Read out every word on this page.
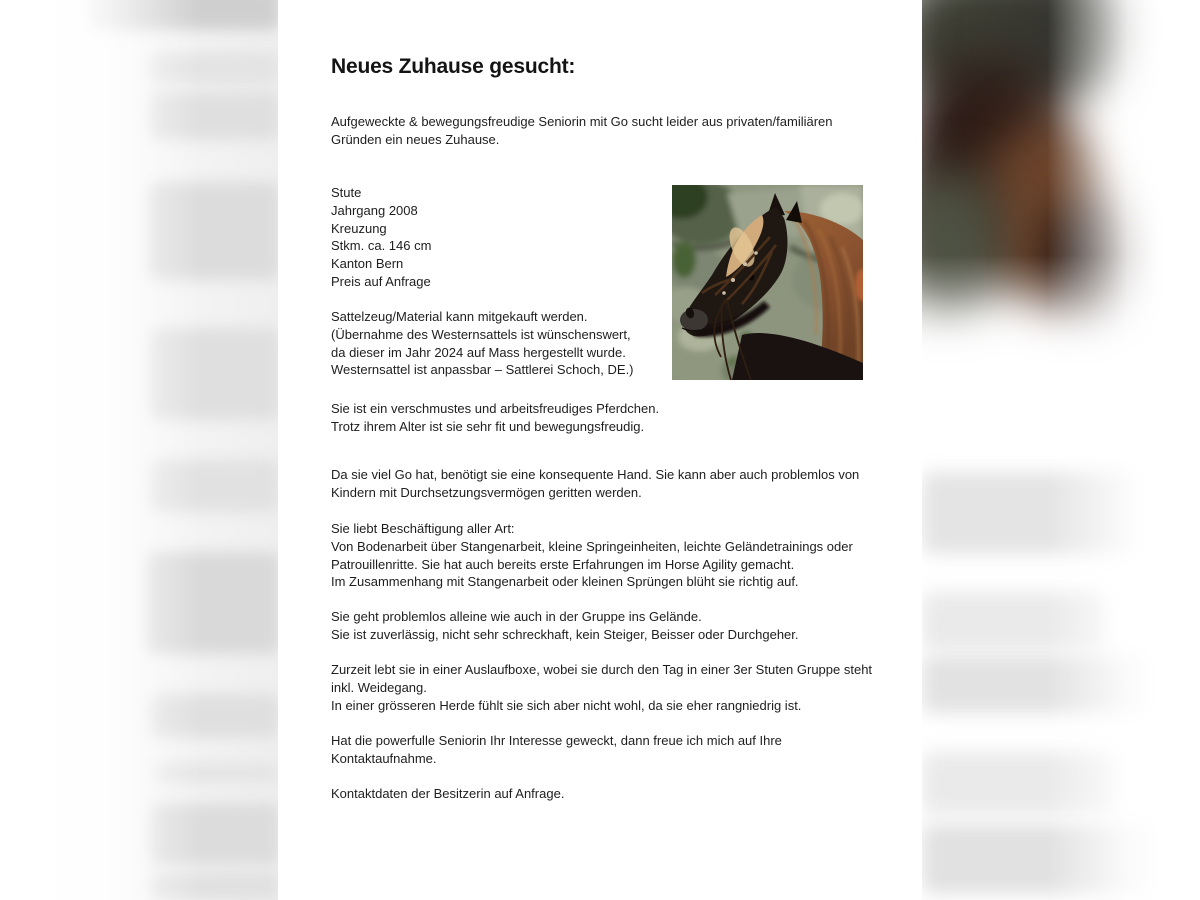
Neues Zuhause gesucht:
Aufgeweckte & bewegungsfreudige Seniorin mit Go sucht leider aus privaten/familiären
Gründen ein neues Zuhause.
Stute
Jahrgang 2008
Kreuzung
Stkm. ca. 146 cm
Kanton Bern
Preis auf Anfrage
Sattelzeug/Material kann mitgekauft werden.
(Übernahme des Westernsattels ist wünschenswert,
da dieser im Jahr 2024 auf Mass hergestellt wurde.
Westernsattel ist anpassbar – Sattlerei Schoch, DE.)
Sie ist ein verschmustes und arbeitsfreudiges Pferdchen.
Trotz ihrem Alter ist sie sehr fit und bewegungsfreudig.
Da sie viel Go hat, benötigt sie eine konsequente Hand. Sie kann aber auch problemlos von
Kindern mit Durchsetzungsvermögen geritten werden.
Sie liebt Beschäftigung aller Art:
Von Bodenarbeit über Stangenarbeit, kleine Springeinheiten, leichte Geländetrainings oder
Patrouillenritte. Sie hat auch bereits erste Erfahrungen im Horse Agility gemacht.
Im Zusammenhang mit Stangenarbeit oder kleinen Sprüngen blüht sie richtig auf.
Sie geht problemlos alleine wie auch in der Gruppe ins Gelände.
Sie ist zuverlässig, nicht sehr schreckhaft, kein Steiger, Beisser oder Durchgeher.
Zurzeit lebt sie in einer Auslaufboxe, wobei sie durch den Tag in einer 3er Stuten Gruppe steht
inkl. Weidegang.
In einer grösseren Herde fühlt sie sich aber nicht wohl, da sie eher rangniedrig ist.
Hat die powerfulle Seniorin Ihr Interesse geweckt, dann freue ich mich auf Ihre
Kontaktaufnahme.
Kontaktdaten der Besitzerin auf Anfrage.
